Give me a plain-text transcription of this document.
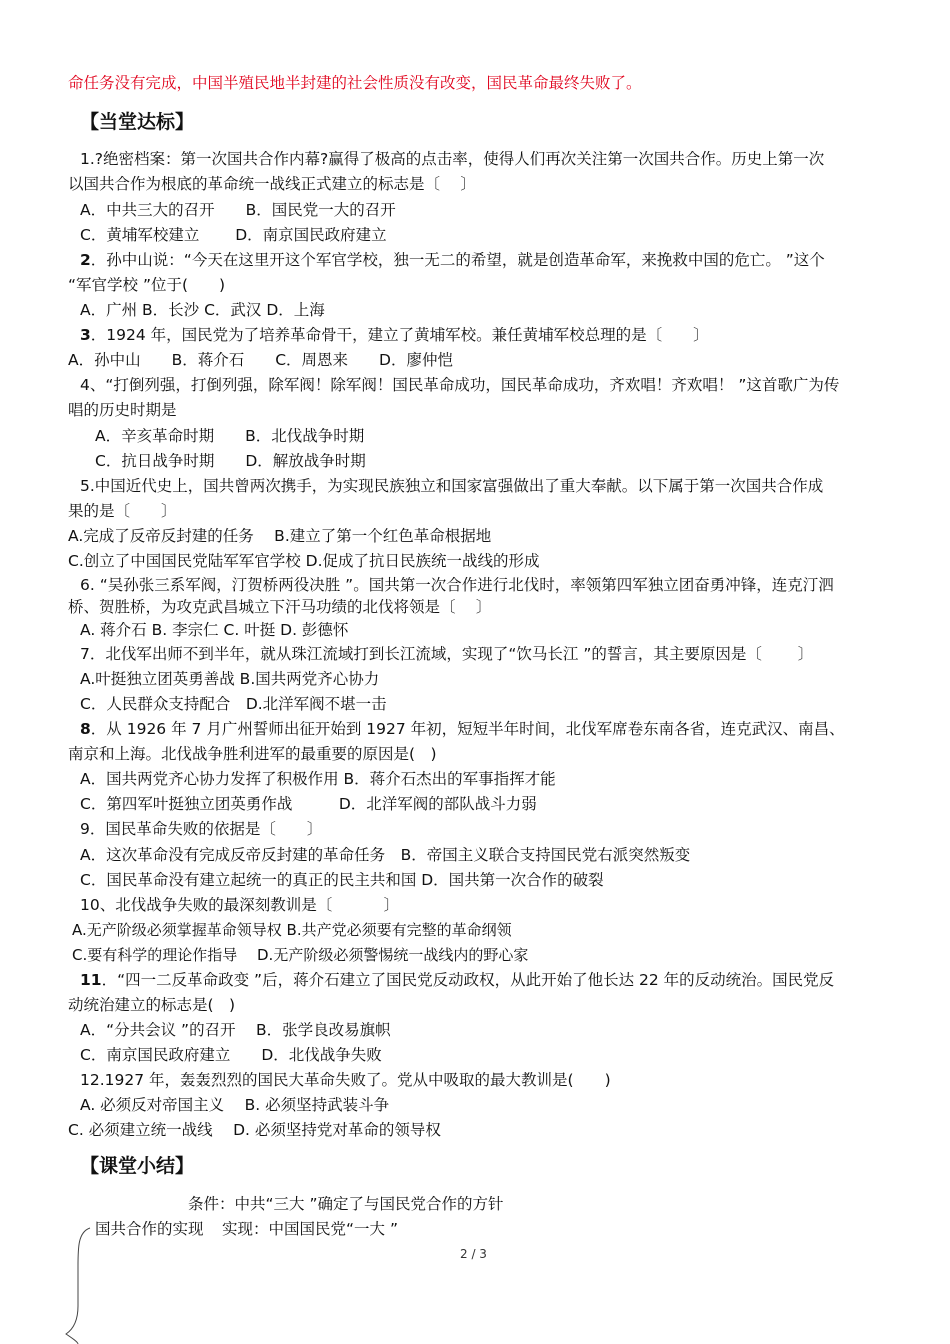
命任务没有完成，中国半殖民地半封建的社会性质没有改变，国民革命最终失败了。
【当堂达标】
1.?绝密档案：第一次国共合作内幕?赢得了极高的点击率，使得人们再次关注第一次国共合作。历史上第一次
以国共合作为根底的革命统一战线正式建立的标志是〔　 〕
A．中共三大的召开　　B．国民党一大的召开
C．黄埔军校建立　　 D．南京国民政府建立
2．孙中山说：“今天在这里开这个军官学校，独一无二的希望，就是创造革命军，来挽救中国的危亡。 ”这个
“军官学校 ”位于(　　)
A．广州 B．长沙 C．武汉 D．上海
3．1924 年，国民党为了培养革命骨干，建立了黄埔军校。兼任黄埔军校总理的是〔　　〕
A．孙中山　　B．蒋介石　　C．周恩来　　D．廖仲恺
4、“打倒列强，打倒列强，除军阀！除军阀！国民革命成功，国民革命成功，齐欢唱！齐欢唱！ ”这首歌广为传
唱的历史时期是
A．辛亥革命时期　　B．北伐战争时期
C．抗日战争时期　　D．解放战争时期
5.中国近代史上，国共曾两次携手，为实现民族独立和国家富强做出了重大奉献。以下属于第一次国共合作成
果的是〔　　〕
A.完成了反帝反封建的任务　 B.建立了第一个红色革命根据地
C.创立了中国国民党陆军军官学校 D.促成了抗日民族统一战线的形成
6. “吴孙张三系军阀，汀贺桥两役决胜 ”。国共第一次合作进行北伐时，率领第四军独立团奋勇冲锋，连克汀泗
桥、贺胜桥，为攻克武昌城立下汗马功绩的北伐将领是〔　 〕
A. 蒋介石 B. 李宗仁 C. 叶挺 D. 彭德怀
7．北伐军出师不到半年，就从珠江流域打到长江流域，实现了“饮马长江 ”的誓言，其主要原因是〔　　 〕
A.叶挺独立团英勇善战 B.国共两党齐心协力
C．人民群众支持配合　D.北洋军阀不堪一击
8．从 1926 年 7 月广州誓师出征开始到 1927 年初，短短半年时间，北伐军席卷东南各省，连克武汉、南昌、
南京和上海。北伐战争胜利进军的最重要的原因是(　)
A．国共两党齐心协力发挥了积极作用 B．蒋介石杰出的军事指挥才能
C．第四军叶挺独立团英勇作战　　　D．北洋军阀的部队战斗力弱
9．国民革命失败的依据是〔　　〕
A．这次革命没有完成反帝反封建的革命任务　B．帝国主义联合支持国民党右派突然叛变
C．国民革命没有建立起统一的真正的民主共和国 D．国共第一次合作的破裂
10、北伐战争失败的最深刻教训是〔　　　 〕
A.无产阶级必须掌握革命领导权 B.共产党必须要有完整的革命纲领
C.要有科学的理论作指导　 D.无产阶级必须警惕统一战线内的野心家
11．“四一二反革命政变 ”后，蒋介石建立了国民党反动政权，从此开始了他长达 22 年的反动统治。国民党反
动统治建立的标志是(　)
A．“分共会议 ”的召开　 B．张学良改易旗帜
C．南京国民政府建立　　D．北伐战争失败
12.1927 年，轰轰烈烈的国民大革命失败了。党从中吸取的最大教训是(　　)
A. 必须反对帝国主义　 B. 必须坚持武装斗争
C. 必须建立统一战线　 D. 必须坚持党对革命的领导权
【课堂小结】
条件：中共“三大 ”确定了与国民党合作的方针
国共合作的实现 实现：中国国民党“一大 ”
2 / 3
